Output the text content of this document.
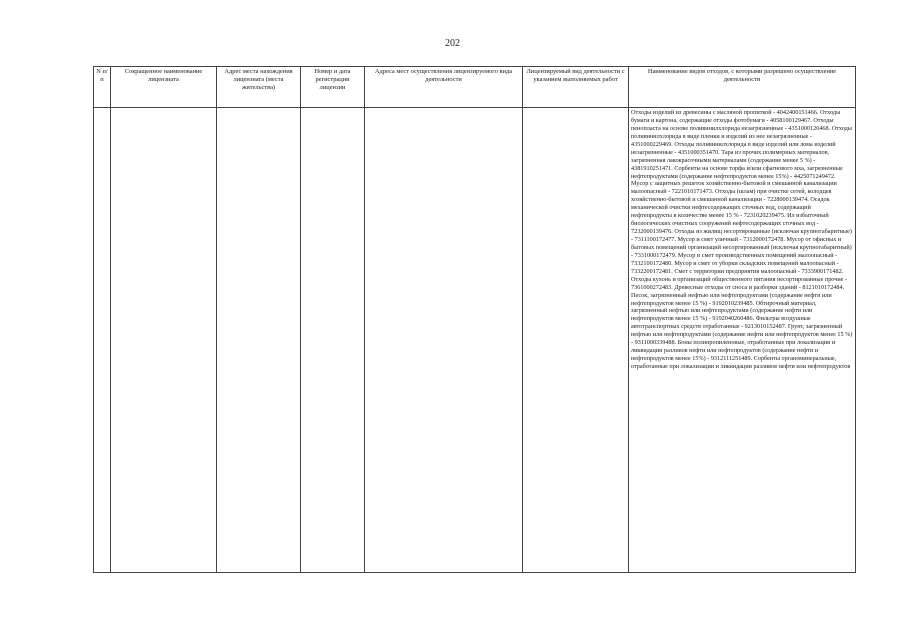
202
N п/п	Сокращенное наименование лицензиата	Адрес места нахождения лицензиата (места жительства)	Номер и дата регистрации лицензии	Адреса мест осуществления лицензируемого вида деятельности	Лицензируемый вид деятельности с указанием выполняемых работ	Наименование видов отходов, с которыми разрешено осуществление деятельности
						Отходы изделий из древесины с масляной пропиткой - 4042400151466. Отходы бумаги и картона, содержащие отходы фотобумаги - 4058100129467. Отходы пенопласта на основе поливинилхлорида незагрязненные - 4351000120468. Отходы поливинилхлорида в виде пленки и изделий из нее незагрязненные - 4351000229469. Отходы поливинилхлорида в виде изделий или лома изделий незагрязненные - 4351000351470. Тара из прочих полимерных материалов, загрязненная лакокрасочными материалами (содержание менее 5 %) - 4381910251471. Сорбенты на основе торфа и/или сфагнового мха, загрязненные нефтепродуктами (содержание нефтепродуктов менее 15%) - 4425071249472. Мусор с защитных решеток хозяйственно-бытовой и смешанной канализации малоопасный - 7221010171473. Отходы (шлам) при очистке сетей, колодцев хозяйственно-бытовой и смешанной канализации - 7228000139474. Осадок механической очистки нефтесодержащих сточных вод, содержащий нефтепродукты в количестве менее 15 % - 7231020239475. Ил избыточный биологических очистных сооружений нефтесодержащих сточных вод - 7232000139476. Отходы из жилищ несортированные (исключая крупногабаритные) - 7311100172477. Мусор и смет уличный - 7312000172478. Мусор от офисных и бытовых помещений организаций несортированный (исключая крупногабаритный) - 7331000172479. Мусор и смет производственных помещений малоопасный - 7332100172480. Мусор и смет от уборки складских помещений малоопасный - 7332200172481. Смет с территории предприятия малоопасный - 7333900171482. Отходы кухонь и организаций общественного питания несортированные прочие - 7361000272483. Древесные отходы от сноса и разборки зданий - 8121010172484. Песок, загрязненный нефтью или нефтепродуктами (содержание нефти или нефтепродуктов менее 15 %) - 9192010239485. Обтирочный материал, загрязненный нефтью или нефтепродуктами (содержание нефти или нефтепродуктов менее 15 %) - 9192040260486. Фильтры воздушные автотранспортных средств отработанные - 9213010152487. Грунт, загрязненный нефтью или нефтепродуктами (содержание нефти или нефтепродуктов менее 15 %) - 9311000339488. Боны полипропиленовые, отработанные при локализации и ликвидации разливов нефти или нефтепродуктов (содержание нефти и нефтепродуктов менее 15%) - 9312111251489. Сорбенты органоминеральные, отработанные при локализации и ликвидации разливов нефти или нефтепродуктов
